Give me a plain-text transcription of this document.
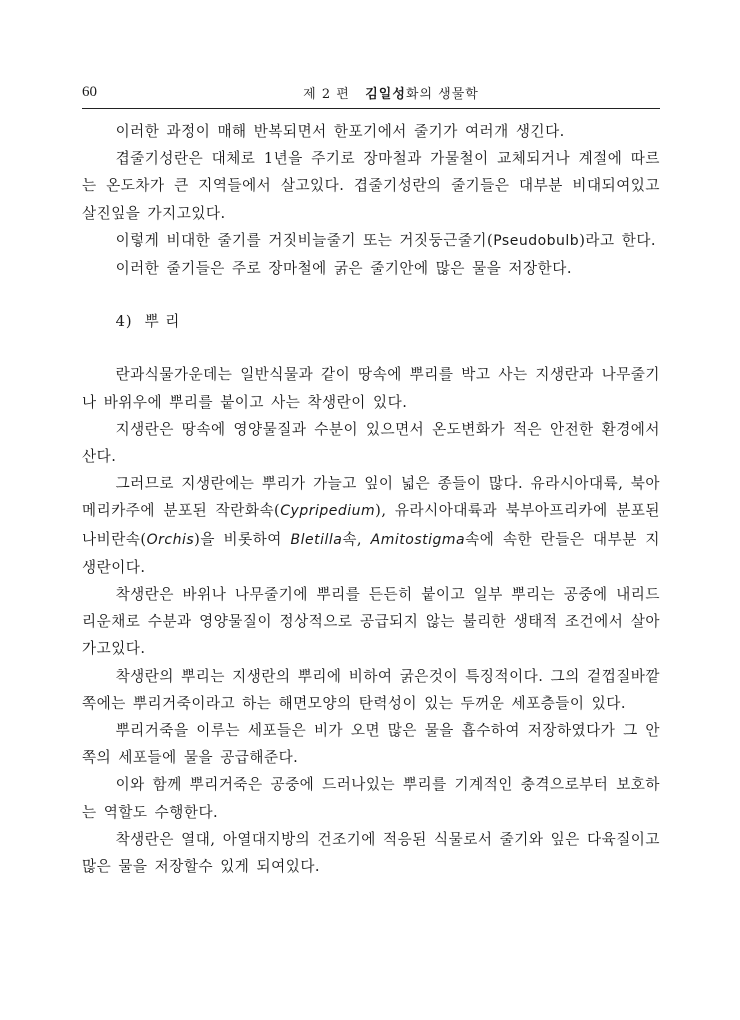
60	제 2 편 김일성화의 생물학

이러한 과정이 매해 반복되면서 한포기에서 줄기가 여러개 생긴다.

겹줄기성란은 대체로 1년을 주기로 장마철과 가물철이 교체되거나 계절에 따르는 온도차가 큰 지역들에서 살고있다. 겹줄기성란의 줄기들은 대부분 비대되여있고 살진잎을 가지고있다.

이렇게 비대한 줄기를 거짓비늘줄기 또는 거짓둥근줄기(Pseudobulb)라고 한다.

이러한 줄기들은 주로 장마철에 굵은 줄기안에 많은 물을 저장한다.

4) 뿌 리

란과식물가운데는 일반식물과 같이 땅속에 뿌리를 박고 사는 지생란과 나무줄기나 바위우에 뿌리를 붙이고 사는 착생란이 있다.

지생란은 땅속에 영양물질과 수분이 있으면서 온도변화가 적은 안전한 환경에서 산다.

그러므로 지생란에는 뿌리가 가늘고 잎이 넓은 종들이 많다. 유라시아대륙, 북아메리카주에 분포된 작란화속(Cypripedium), 유라시아대륙과 북부아프리카에 분포된 나비란속(Orchis)을 비롯하여 Bletilla속, Amitostigma속에 속한 란들은 대부분 지생란이다.

착생란은 바위나 나무줄기에 뿌리를 든든히 붙이고 일부 뿌리는 공중에 내리드리운채로 수분과 영양물질이 정상적으로 공급되지 않는 불리한 생태적 조건에서 살아가고있다.

착생란의 뿌리는 지생란의 뿌리에 비하여 굵은것이 특징적이다. 그의 겉껍질바깥쪽에는 뿌리거죽이라고 하는 해면모양의 탄력성이 있는 두꺼운 세포층들이 있다.

뿌리거죽을 이루는 세포들은 비가 오면 많은 물을 흡수하여 저장하였다가 그 안쪽의 세포들에 물을 공급해준다.

이와 함께 뿌리거죽은 공중에 드러나있는 뿌리를 기계적인 충격으로부터 보호하는 역할도 수행한다.

착생란은 열대, 아열대지방의 건조기에 적응된 식물로서 줄기와 잎은 다육질이고 많은 물을 저장할수 있게 되여있다.
